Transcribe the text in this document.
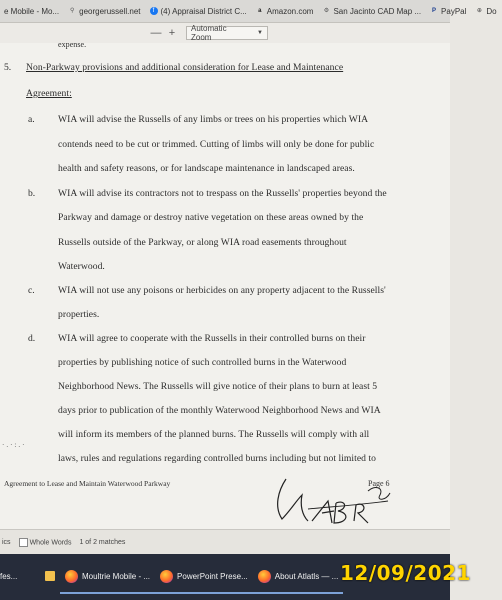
e Mobile - Mo... ⚲ georgerussell.net	f (4) Appraisal District C...	a Amazon.com ⚙ San Jacinto CAD Map ...	P PayPal ⊕ Do
— +	Automatic Zoom	▼
expense.
5. Non-Parkway provisions and additional consideration for Lease and Maintenance
Agreement:
a. WIA will advise the Russells of any limbs or trees on his properties which WIA
contends need to be cut or trimmed. Cutting of limbs will only be done for public
health and safety reasons, or for landscape maintenance in landscaped areas.
b. WIA will advise its contractors not to trespass on the Russells' properties beyond the
Parkway and damage or destroy native vegetation on these areas owned by the
Russells outside of the Parkway, or along WIA road easements throughout
Waterwood.
c. WIA will not use any poisons or herbicides on any property adjacent to the Russells'
properties.
d. WIA will agree to cooperate with the Russells in their controlled burns on their
properties by publishing notice of such controlled burns in the Waterwood
Neighborhood News. The Russells will give notice of their plans to burn at least 5
days prior to publication of the monthly Waterwood Neighborhood News and WIA
will inform its members of the planned burns. The Russells will comply with all
laws, rules and regulations regarding controlled burns including but not limited to
·.·:.·
Agreement to Lease and Maintain Waterwood Parkway	Page 6
ics	Whole Words 1 of 2 matches
fes...	Moultrie Mobile - ...	PowerPoint Prese...	About Atlatls — ... 12/09/2021
